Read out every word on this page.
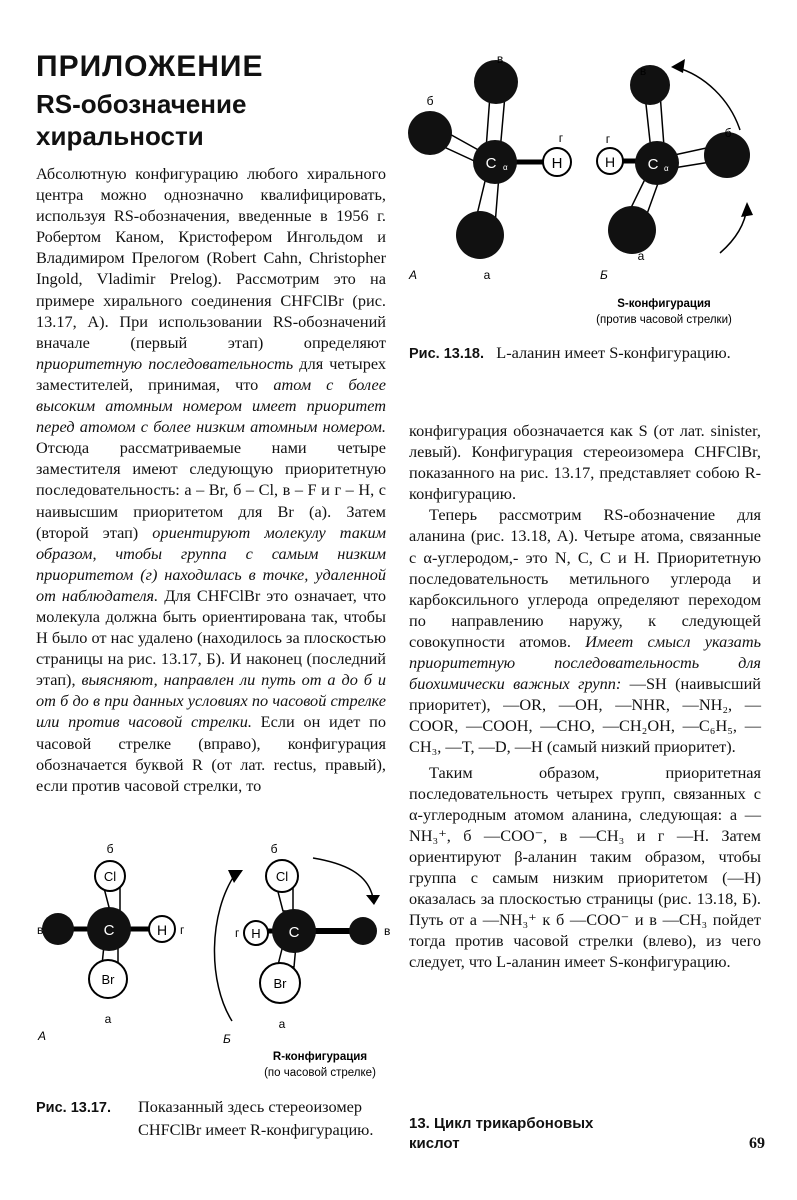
ПРИЛОЖЕНИЕ
RS-обозначение хиральности

Абсолютную конфигурацию любого хирального центра можно однозначно квалифицировать, используя RS-обозначения, введенные в 1956 г. Робертом Каном, Кристофером Ингольдом и Владимиром Прелогом (Robert Cahn, Christopher Ingold, Vladimir Prelog). Рассмотрим это на примере хирального соединения CHFClBr (рис. 13.17, А). При использовании RS-обозначений вначале (первый этап) определяют приоритетную последовательность для четырех заместителей, принимая, что атом с более высоким атомным номером имеет приоритет перед атомом с более низким атомным номером. Отсюда рассматриваемые нами четыре заместителя имеют следующую приоритетную последовательность: а – Br, б – Cl, в – F и г – H, с наивысшим приоритетом для Br (а). Затем (второй этап) ориентируют молекулу таким образом, чтобы группа с самым низким приоритетом (г) находилась в точке, удаленной от наблюдателя. Для CHFClBr это означает, что молекула должна быть ориентирована так, чтобы H было от нас удалено (находилось за плоскостью страницы на рис. 13.17, Б). И наконец (последний этап), выясняют, направлен ли путь от а до б и от б до в при данных условиях по часовой стрелке или против часовой стрелки. Если он идет по часовой стрелке (вправо), конфигурация обозначается буквой R (от лат. rectus, правый), если против часовой стрелки, то

C α	H
в
б
г
а
А
C α
H
в
б
г
а
Б
S-конфигурация
(против часовой стрелки)
Рис. 13.18. L-аланин имеет S-конфигурацию.

конфигурация обозначается как S (от лат. sinister, левый). Конфигурация стереоизомера CHFClBr, показанного на рис. 13.17, представляет собою R-конфигурацию.

Теперь рассмотрим RS-обозначение для аланина (рис. 13.18, А). Четыре атома, связанные с α-углеродом,- это N, C, C и H. Приоритетную последовательность метильного углерода и карбоксильного углерода определяют переходом по направлению наружу, к следующей совокупности атомов. Имеет смысл указать приоритетную последовательность для биохимически важных групп: —SH (наивысший приоритет), —OR, —OH, —NHR, —NH₂, —COOR, —COOH, —CHO, —CH₂OH, —C₆H₅, —CH₃, —T, —D, —H (самый низкий приоритет).

Таким образом, приоритетная последовательность четырех групп, связанных с α-углеродным атомом аланина, следующая: а —NH₃⁺, б —COO⁻, в —CH₃ и г —H. Затем ориентируют β-аланин таким образом, чтобы группа с самым низким приоритетом (—H) оказалась за плоскостью страницы (рис. 13.18, Б). Путь от а —NH₃⁺ к б —COO⁻ и в —CH₃ пойдет тогда против часовой стрелки (влево), из чего следует, что L-аланин имеет S-конфигурацию.

C
Cl
Br
H
б
в	г
а
А
C
Cl
Br
H
б
в
г
а
Б
R-конфигурация
(по часовой стрелке)
Рис. 13.17. Показанный здесь стереоизомер CHFClBr имеет R-конфигурацию.	13. Цикл трикарбоновых кислот	69
